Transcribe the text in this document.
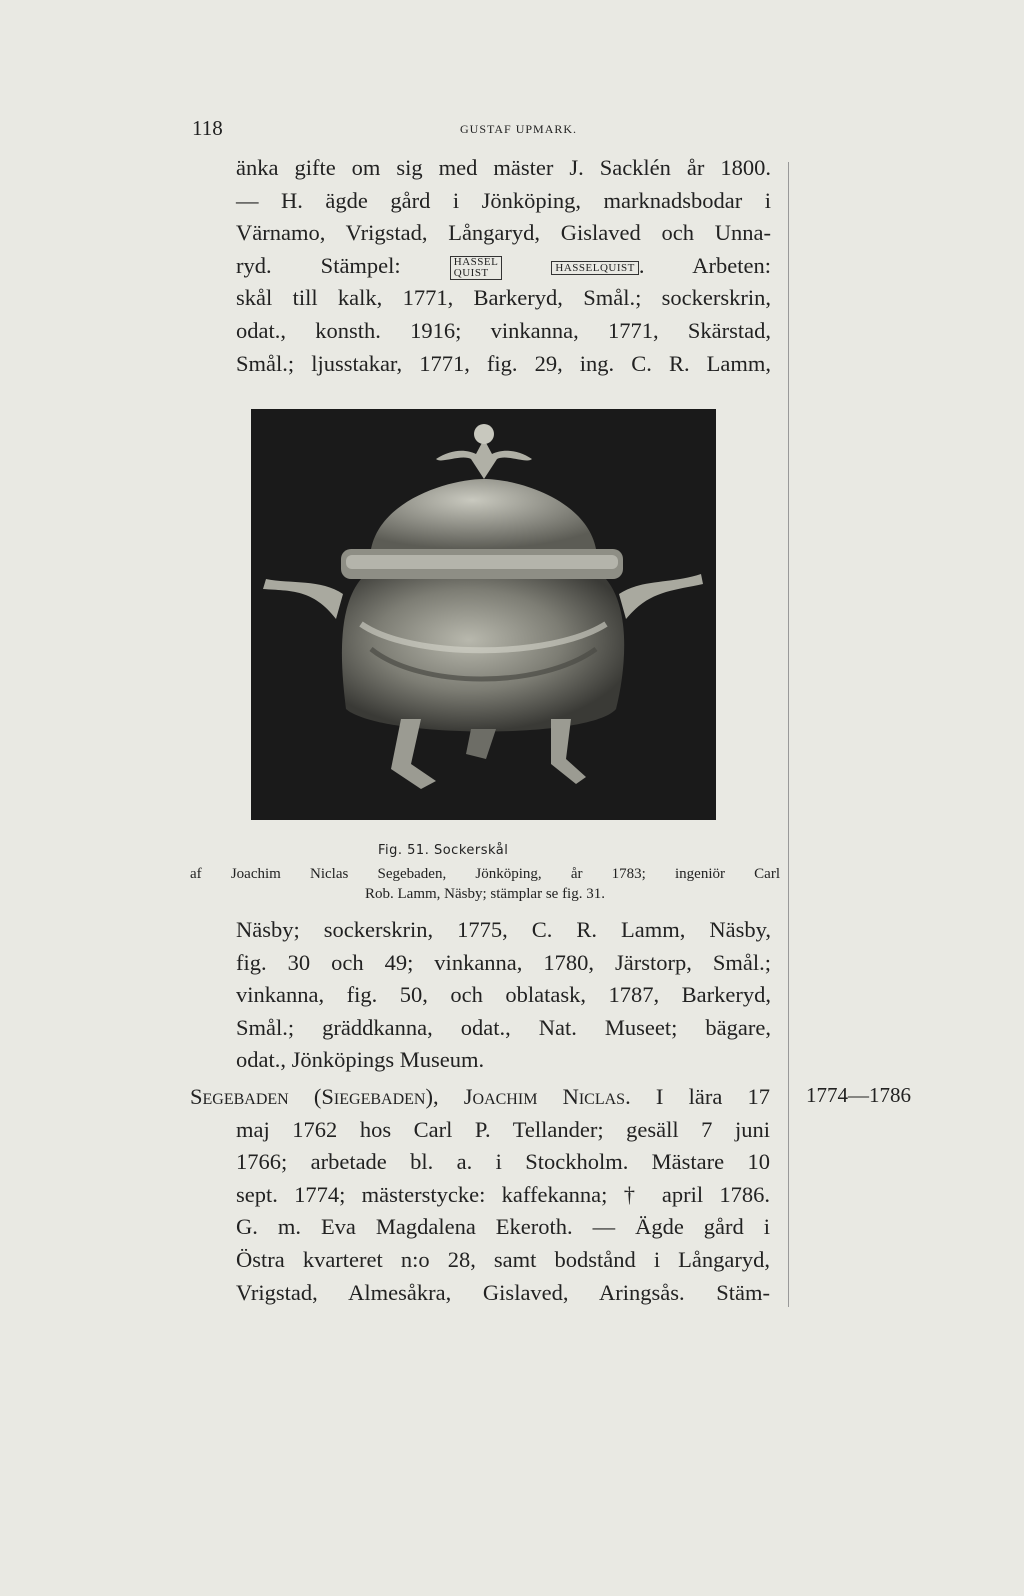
118	GUSTAF UPMARK.
änka gifte om sig med mäster J. Sacklén år 1800.
— H. ägde gård i Jönköping, marknadsbodar i
Värnamo, Vrigstad, Långaryd, Gislaved och Unna-
ryd. Stämpel:	HASSEL
QUIST	HASSELQUIST . Arbeten:
skål till kalk, 1771, Barkeryd, Smål.; sockerskrin,
odat., konsth. 1916; vinkanna, 1771, Skärstad,
Smål.; ljusstakar, 1771, fig. 29, ing. C. R. Lamm,
Fig. 51. Sockerskål
af Joachim Niclas Segebaden, Jönköping, år 1783; ingeniör Carl
Rob. Lamm, Näsby; stämplar se fig. 31.
Näsby; sockerskrin, 1775, C. R. Lamm, Näsby,
fig. 30 och 49; vinkanna, 1780, Järstorp, Smål.;
vinkanna, fig. 50, och oblatask, 1787, Barkeryd,
Smål.; gräddkanna, odat., Nat. Museet; bägare,
odat., Jönköpings Museum.
Segebaden (Siegebaden), Joachim Niclas. I lära 17
maj 1762 hos Carl P. Tellander; gesäll 7 juni
1766; arbetade bl. a. i Stockholm. Mästare 10
sept. 1774; mästerstycke: kaffekanna; † april 1786.
G. m. Eva Magdalena Ekeroth. — Ägde gård i
Östra kvarteret n:o 28, samt bodstånd i Långaryd,
Vrigstad, Almesåkra, Gislaved, Aringsås. Stäm-
1774—1786
